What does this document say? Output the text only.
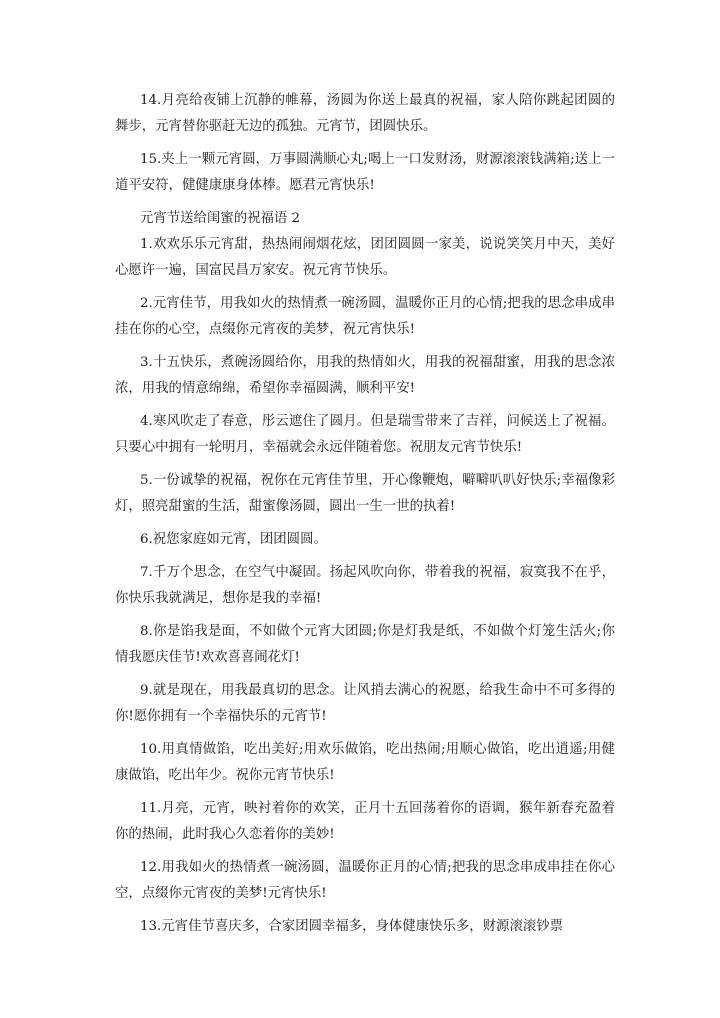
14.月亮给夜铺上沉静的帷幕，汤圆为你送上最真的祝福，家人陪你跳起团圆的舞步，元宵替你驱赶无边的孤独。元宵节，团圆快乐。

15.夹上一颗元宵圆，万事圆满顺心丸;喝上一口发财汤，财源滚滚钱满箱;送上一道平安符，健健康康身体棒。愿君元宵快乐!

元宵节送给闺蜜的祝福语 2

1.欢欢乐乐元宵甜，热热闹闹烟花炫，团团圆圆一家美，说说笑笑月中天，美好心愿许一遍，国富民昌万家安。祝元宵节快乐。

2.元宵佳节，用我如火的热情煮一碗汤圆，温暖你正月的心情;把我的思念串成串挂在你的心空，点缀你元宵夜的美梦，祝元宵快乐!

3.十五快乐，煮碗汤圆给你，用我的热情如火，用我的祝福甜蜜，用我的思念浓浓，用我的情意绵绵，希望你幸福圆满，顺利平安!

4.寒风吹走了春意，彤云遮住了圆月。但是瑞雪带来了吉祥，问候送上了祝福。只要心中拥有一轮明月，幸福就会永远伴随着您。祝朋友元宵节快乐!

5.一份诚挚的祝福，祝你在元宵佳节里，开心像鞭炮，噼噼叭叭好快乐;幸福像彩灯，照亮甜蜜的生活，甜蜜像汤圆，圆出一生一世的执着!

6.祝您家庭如元宵，团团圆圆。

7.千万个思念，在空气中凝固。扬起风吹向你，带着我的祝福，寂寞我不在乎，你快乐我就满足，想你是我的幸福!

8.你是馅我是面，不如做个元宵大团圆;你是灯我是纸，不如做个灯笼生活火;你情我愿庆佳节!欢欢喜喜闹花灯!

9.就是现在，用我最真切的思念。让风捎去满心的祝愿，给我生命中不可多得的你!愿你拥有一个幸福快乐的元宵节!

10.用真情做馅，吃出美好;用欢乐做馅，吃出热闹;用顺心做馅，吃出逍遥;用健康做馅，吃出年少。祝你元宵节快乐!

11.月亮，元宵，映衬着你的欢笑，正月十五回荡着你的语调，猴年新春充盈着你的热闹，此时我心久恋着你的美妙!

12.用我如火的热情煮一碗汤圆，温暖你正月的心情;把我的思念串成串挂在你心空，点缀你元宵夜的美梦!元宵快乐!

13.元宵佳节喜庆多，合家团圆幸福多，身体健康快乐多，财源滚滚钞票
